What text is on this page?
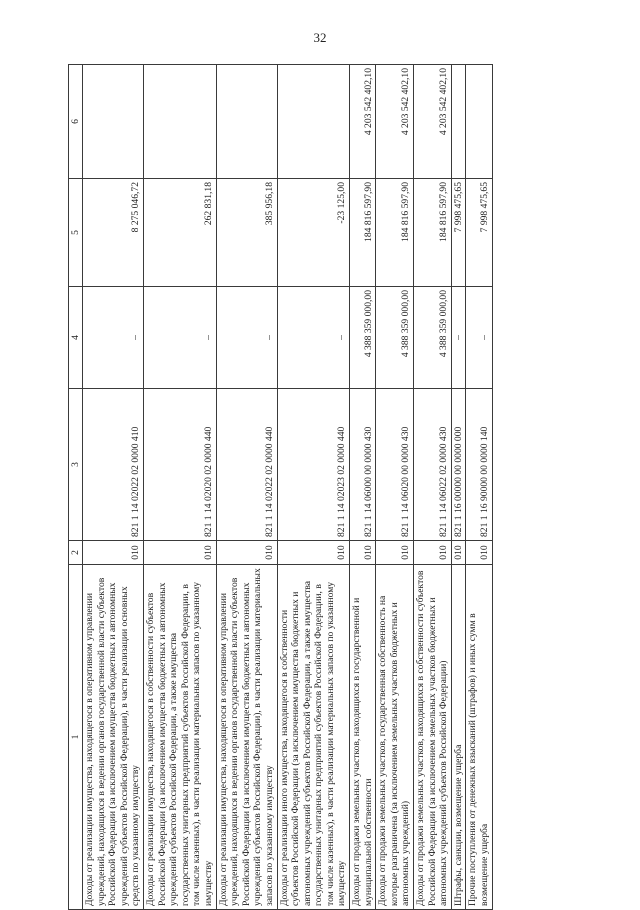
32
1	2	3	4	5	6
Доходы от реализации имущества, находящегося в оперативном управлении учреждений, находящихся в ведении органов государственной власти субъектов Российской Федерации (за исключением имущества бюджетных и автономных учреждений субъектов Российской Федерации), в части реализации основных средств по указанному имуществу	010	821 1 14 02022 02 0000 410	–	8 275 046,72	
Доходы от реализации имущества, находящегося в собственности субъектов Российской Федерации (за исключением имущества бюджетных и автономных учреждений субъектов Российской Федерации, а также имущества государственных унитарных предприятий субъектов Российской Федерации, в том числе казенных), в части реализации материальных запасов по указанному имуществу	010	821 1 14 02020 02 0000 440	–	262 831,18	
Доходы от реализации имущества, находящегося в оперативном управлении учреждений, находящихся в ведении органов государственной власти субъектов Российской Федерации (за исключением имущества бюджетных и автономных учреждений субъектов Российской Федерации), в части реализации материальных запасов по указанному имуществу	010	821 1 14 02022 02 0000 440	–	385 956,18	
Доходы от реализации иного имущества, находящегося в собственности субъектов Российской Федерации (за исключением имущества бюджетных и автономных учреждений субъектов Российской Федерации, а также имущества государственных унитарных предприятий субъектов Российской Федерации, в том числе казенных), в части реализации материальных запасов по указанному имуществу	010	821 1 14 02023 02 0000 440	–	-23 125,00	
Доходы от продажи земельных участков, находящихся в государственной и муниципальной собственности	010	821 1 14 06000 00 0000 430	4 388 359 000,00	184 816 597,90	4 203 542 402,10
Доходы от продажи земельных участков, государственная собственность на которые разграничена (за исключением земельных участков бюджетных и автономных учреждений)	010	821 1 14 06020 00 0000 430	4 388 359 000,00	184 816 597,90	4 203 542 402,10
Доходы от продажи земельных участков, находящихся в собственности субъектов Российской Федерации (за исключением земельных участков бюджетных и автономных учреждений субъектов Российской Федерации)	010	821 1 14 06022 02 0000 430	4 388 359 000,00	184 816 597,90	4 203 542 402,10
Штрафы, санкции, возмещение ущерба	010	821 1 16 00000 00 0000 000	–	7 998 475,65	
Прочие поступления от денежных взысканий (штрафов) и иных сумм в возмещение ущерба	010	821 1 16 90000 00 0000 140	–	7 998 475,65	
